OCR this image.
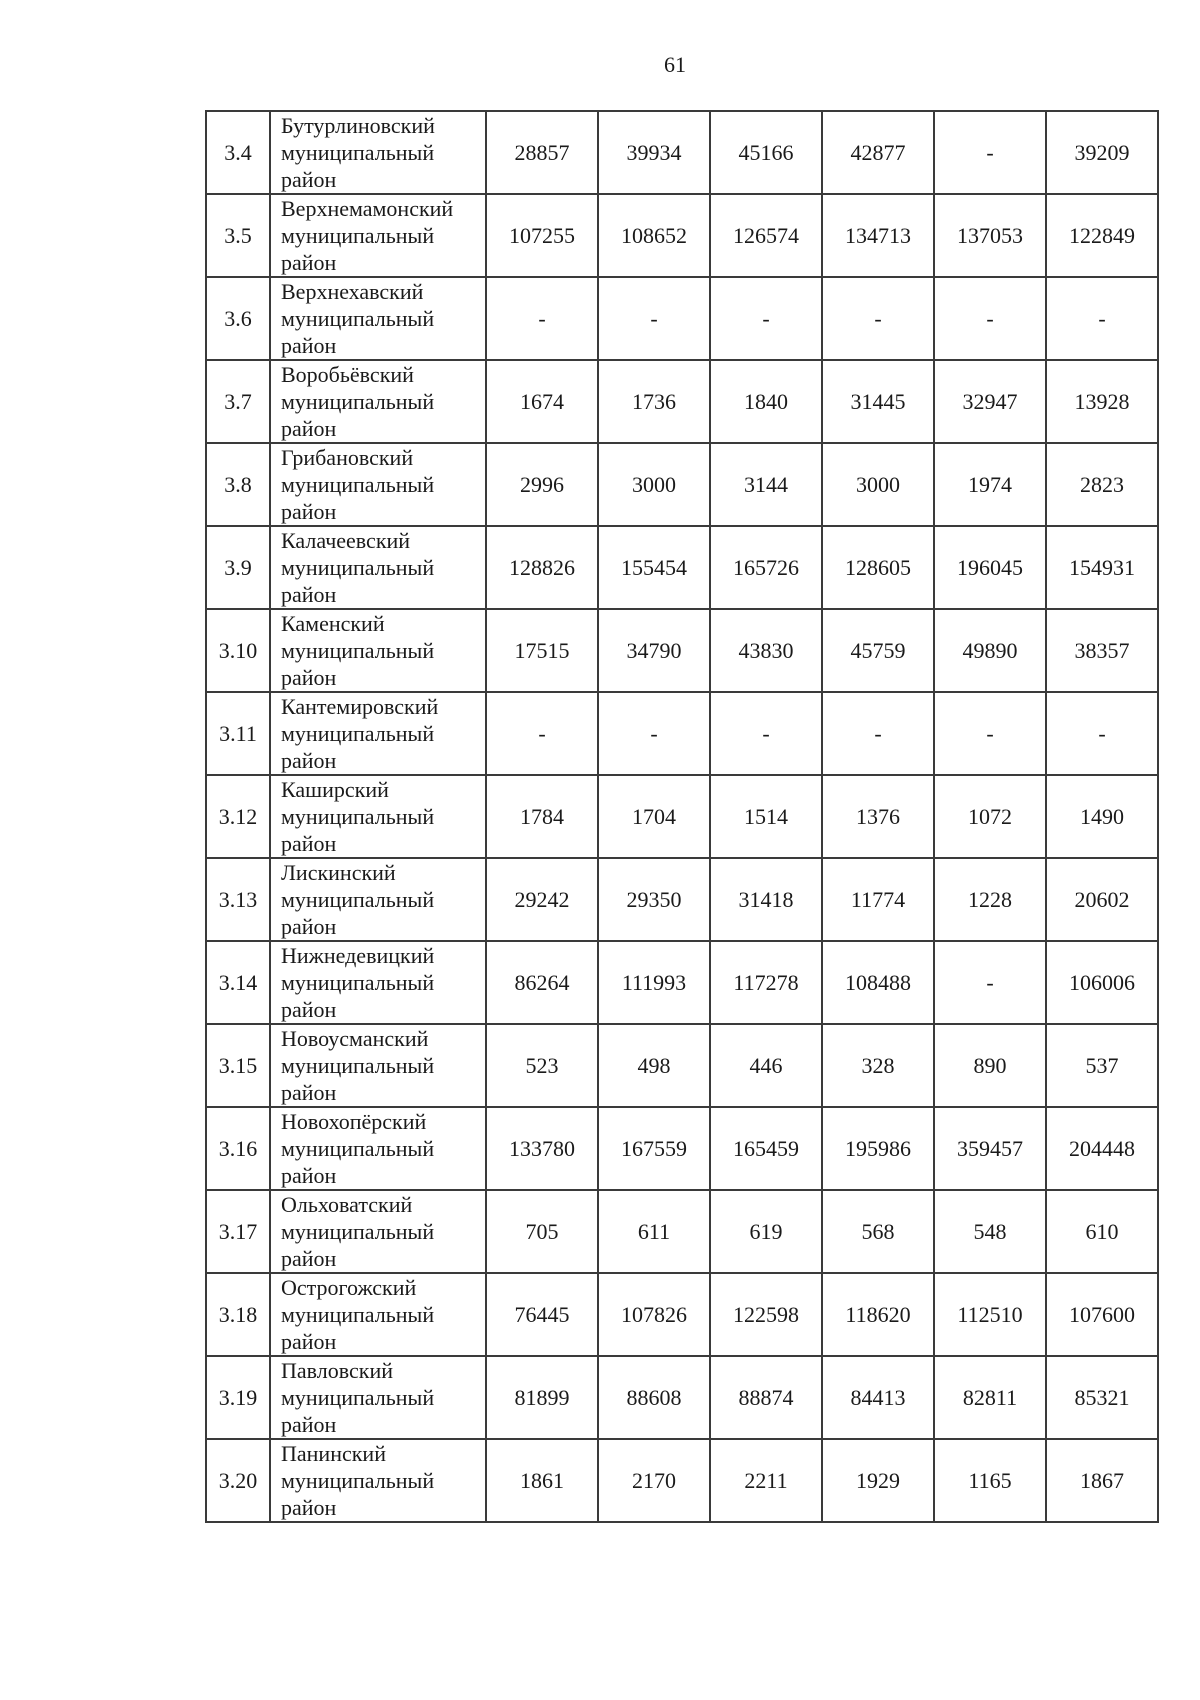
61
3.4	Бутурлиновский
муниципальный
район	28857	39934	45166	42877	-	39209
3.5	Верхнемамонский
муниципальный
район	107255	108652	126574	134713	137053	122849
3.6	Верхнехавский
муниципальный
район	-	-	-	-	-	-
3.7	Воробьёвский
муниципальный
район	1674	1736	1840	31445	32947	13928
3.8	Грибановский
муниципальный
район	2996	3000	3144	3000	1974	2823
3.9	Калачеевский
муниципальный
район	128826	155454	165726	128605	196045	154931
3.10	Каменский
муниципальный
район	17515	34790	43830	45759	49890	38357
3.11	Кантемировский
муниципальный
район	-	-	-	-	-	-
3.12	Каширский
муниципальный
район	1784	1704	1514	1376	1072	1490
3.13	Лискинский
муниципальный
район	29242	29350	31418	11774	1228	20602
3.14	Нижнедевицкий
муниципальный
район	86264	111993	117278	108488	-	106006
3.15	Новоусманский
муниципальный
район	523	498	446	328	890	537
3.16	Новохопёрский
муниципальный
район	133780	167559	165459	195986	359457	204448
3.17	Ольховатский
муниципальный
район	705	611	619	568	548	610
3.18	Острогожский
муниципальный
район	76445	107826	122598	118620	112510	107600
3.19	Павловский
муниципальный
район	81899	88608	88874	84413	82811	85321
3.20	Панинский
муниципальный
район	1861	2170	2211	1929	1165	1867
